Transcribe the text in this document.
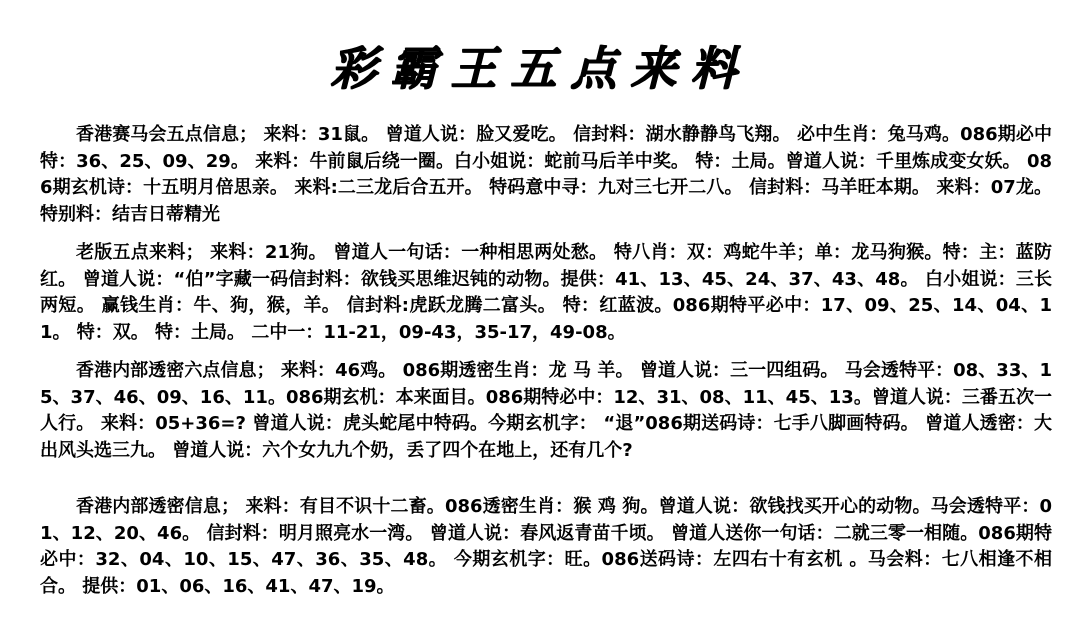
彩霸王五点来料
香港赛马会五点信息； 来料：31鼠。 曾道人说：脸又爱吃。 信封料：湖水静静鸟飞翔。 必中生肖：兔马鸡。086期必中特：36、25、09、29。 来料：牛前鼠后绕一圈。白小姐说：蛇前马后羊中奖。 特：土局。曾道人说：千里炼成变女妖。 086期玄机诗：十五明月倍思亲。 来料:二三龙后合五开。 特码意中寻：九对三七开二八。 信封料：马羊旺本期。 来料：07龙。 特别料：结吉日蒂精光
老版五点来料； 来料：21狗。 曾道人一句话：一种相思两处愁。 特八肖：双：鸡蛇牛羊；单：龙马狗猴。特：主：蓝防红。 曾道人说：“伯”字藏一码信封料：欲钱买思维迟钝的动物。提供：41、13、45、24、37、43、48。 白小姐说：三长两短。 赢钱生肖：牛、狗，猴，羊。 信封料:虎跃龙腾二富头。 特：红蓝波。086期特平必中：17、09、25、14、04、11。 特：双。 特：土局。 二中一：11-21，09-43，35-17，49-08。
香港内部透密六点信息； 来料：46鸡。 086期透密生肖：龙 马 羊。 曾道人说：三一四组码。 马会透特平：08、33、15、37、46、09、16、11。086期玄机：本来面目。086期特必中：12、31、08、11、45、13。曾道人说：三番五次一人行。 来料：05+36=? 曾道人说：虎头蛇尾中特码。今期玄机字： “退”086期送码诗：七手八脚画特码。 曾道人透密：大出风头选三九。 曾道人说：六个女九九个奶，丢了四个在地上，还有几个?
香港内部透密信息； 来料：有目不识十二畜。086透密生肖：猴 鸡 狗。曾道人说：欲钱找买开心的动物。马会透特平：01、12、20、46。 信封料：明月照亮水一湾。 曾道人说：春风返青苗千顷。 曾道人送你一句话：二就三零一相随。086期特必中：32、04、10、15、47、36、35、48。 今期玄机字：旺。086送码诗：左四右十有玄机 。马会料：七八相逢不相合。 提供：01、06、16、41、47、19。
